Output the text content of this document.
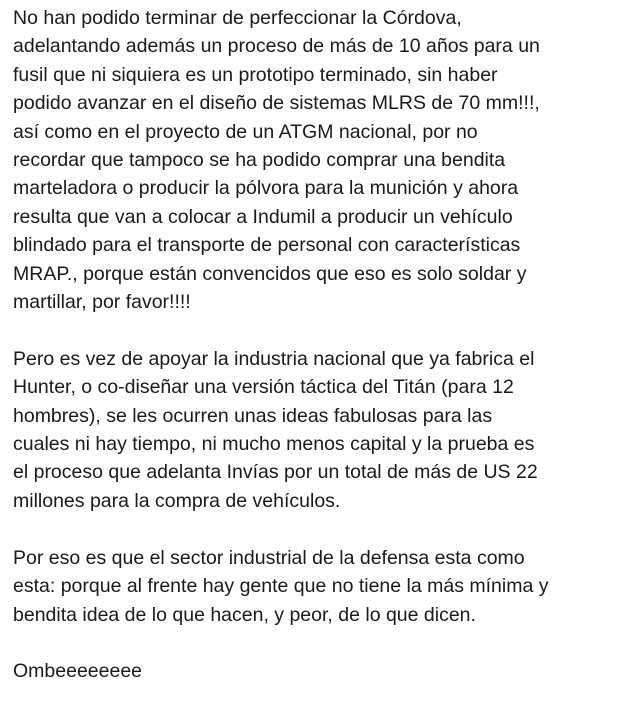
No han podido terminar de perfeccionar la Córdova,
adelantando además un proceso de más de 10 años para un
fusil que ni siquiera es un prototipo terminado, sin haber
podido avanzar en el diseño de sistemas MLRS de 70 mm!!!,
así como en el proyecto de un ATGM nacional, por no
recordar que tampoco se ha podido comprar una bendita
marteladora o producir la pólvora para la munición y ahora
resulta que van a colocar a Indumil a producir un vehículo
blindado para el transporte de personal con características
MRAP., porque están convencidos que eso es solo soldar y
martillar, por favor!!!!

Pero es vez de apoyar la industria nacional que ya fabrica el
Hunter, o co-diseñar una versión táctica del Titán (para 12
hombres), se les ocurren unas ideas fabulosas para las
cuales ni hay tiempo, ni mucho menos capital y la prueba es
el proceso que adelanta Invías por un total de más de US 22
millones para la compra de vehículos.

Por eso es que el sector industrial de la defensa esta como
esta: porque al frente hay gente que no tiene la más mínima y
bendita idea de lo que hacen, y peor, de lo que dicen.

Ombeeeeeeee
